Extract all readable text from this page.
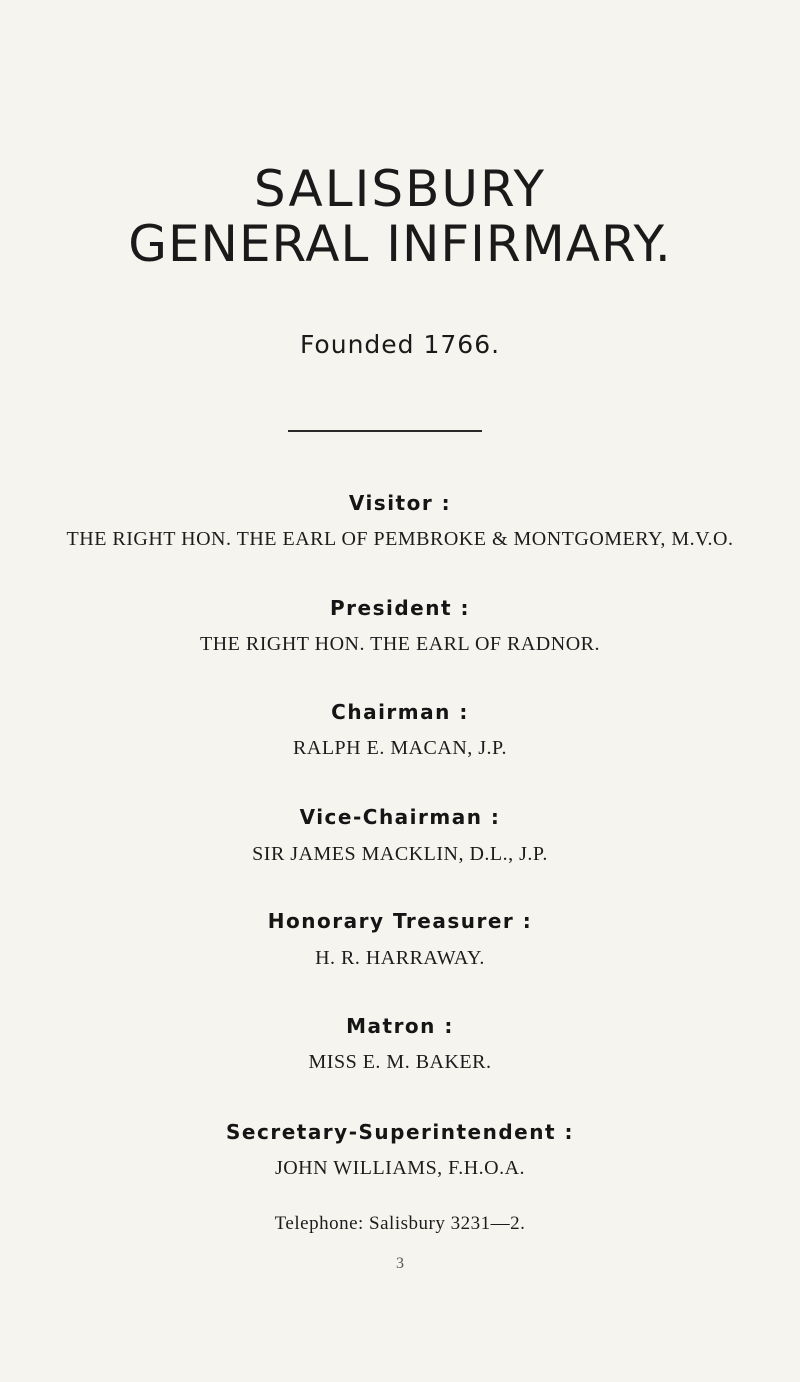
SALISBURY
GENERAL INFIRMARY.
Founded 1766.
Visitor :
THE RIGHT HON. THE EARL OF PEMBROKE & MONTGOMERY, M.V.O.
President :
THE RIGHT HON. THE EARL OF RADNOR.
Chairman :
RALPH E. MACAN, J.P.
Vice-Chairman :
SIR JAMES MACKLIN, D.L., J.P.
Honorary Treasurer :
H. R. HARRAWAY.
Matron :
MISS E. M. BAKER.
Secretary-Superintendent :
JOHN WILLIAMS, F.H.O.A.
Telephone: Salisbury 3231—2.
3
